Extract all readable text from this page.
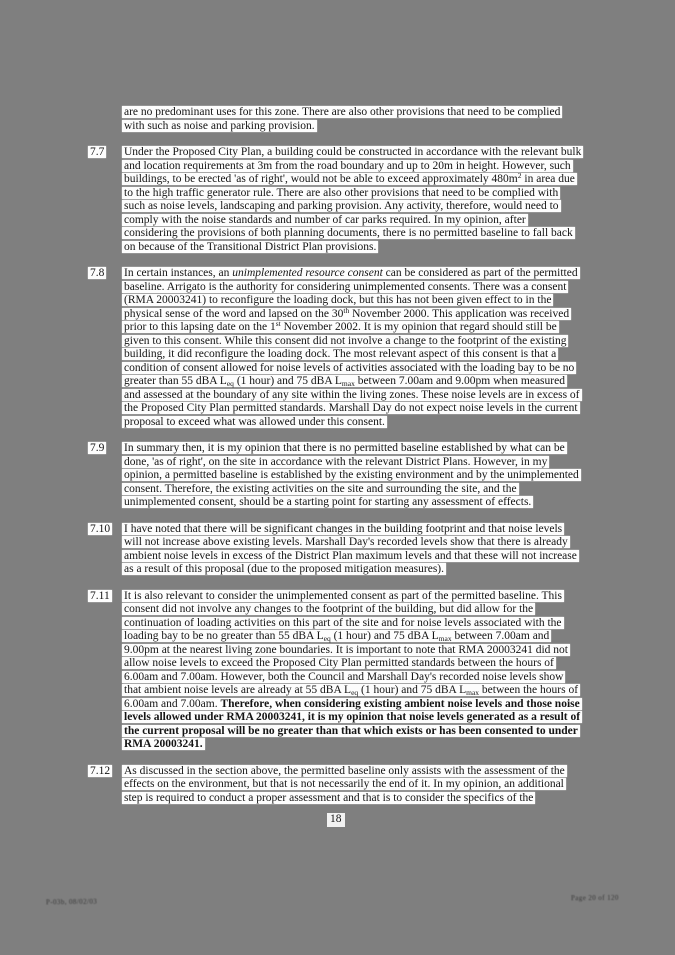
are no predominant uses for this zone. There are also other provisions that need to be complied with such as noise and parking provision.
7.7	Under the Proposed City Plan, a building could be constructed in accordance with the relevant bulk and location requirements at 3m from the road boundary and up to 20m in height. However, such buildings, to be erected 'as of right', would not be able to exceed approximately $480m^2$ in area due to the high traffic generator rule. There are also other provisions that need to be complied with such as noise levels, landscaping and parking provision. Any activity, therefore, would need to comply with the noise standards and number of car parks required. In my opinion, after considering the provisions of both planning documents, there is no permitted baseline to fall back on because of the Transitional District Plan provisions.
7.8	In certain instances, an unimplemented resource consent can be considered as part of the permitted baseline. Arrigato is the authority for considering unimplemented consents. There was a consent (RMA 20003241) to reconfigure the loading dock, but this has not been given effect to in the physical sense of the word and lapsed on the 30th November 2000. This application was received prior to this lapsing date on the 1st November 2002. It is my opinion that regard should still be given to this consent. While this consent did not involve a change to the footprint of the existing building, it did reconfigure the loading dock. The most relevant aspect of this consent is that a condition of consent allowed for noise levels of activities associated with the loading bay to be no greater than 55 dBA $L_{eq}$ (1 hour) and 75 dBA $L_{max}$ between 7.00am and 9.00pm when measured and assessed at the boundary of any site within the living zones. These noise levels are in excess of the Proposed City Plan permitted standards. Marshall Day do not expect noise levels in the current proposal to exceed what was allowed under this consent.
7.9	In summary then, it is my opinion that there is no permitted baseline established by what can be done, 'as of right', on the site in accordance with the relevant District Plans. However, in my opinion, a permitted baseline is established by the existing environment and by the unimplemented consent. Therefore, the existing activities on the site and surrounding the site, and the unimplemented consent, should be a starting point for starting any assessment of effects.
7.10	I have noted that there will be significant changes in the building footprint and that noise levels will not increase above existing levels. Marshall Day's recorded levels show that there is already ambient noise levels in excess of the District Plan maximum levels and that these will not increase as a result of this proposal (due to the proposed mitigation measures).
7.11	It is also relevant to consider the unimplemented consent as part of the permitted baseline. This consent did not involve any changes to the footprint of the building, but did allow for the continuation of loading activities on this part of the site and for noise levels associated with the loading bay to be no greater than 55 dBA $L_{eq}$ (1 hour) and 75 dBA $L_{max}$ between 7.00am and 9.00pm at the nearest living zone boundaries. It is important to note that RMA 20003241 did not allow noise levels to exceed the Proposed City Plan permitted standards between the hours of 6.00am and 7.00am. However, both the Council and Marshall Day's recorded noise levels show that ambient noise levels are already at 55 dBA $L_{eq}$ (1 hour) and 75 dBA $L_{max}$ between the hours of 6.00am and 7.00am. Therefore, when considering existing ambient noise levels and those noise levels allowed under RMA 20003241, it is my opinion that noise levels generated as a result of the current proposal will be no greater than that which exists or has been consented to under RMA 20003241.
7.12	As discussed in the section above, the permitted baseline only assists with the assessment of the effects on the environment, but that is not necessarily the end of it. In my opinion, an additional step is required to conduct a proper assessment and that is to consider the specifics of the
18
P-03b, 08/02/03	Page 20 of 120
